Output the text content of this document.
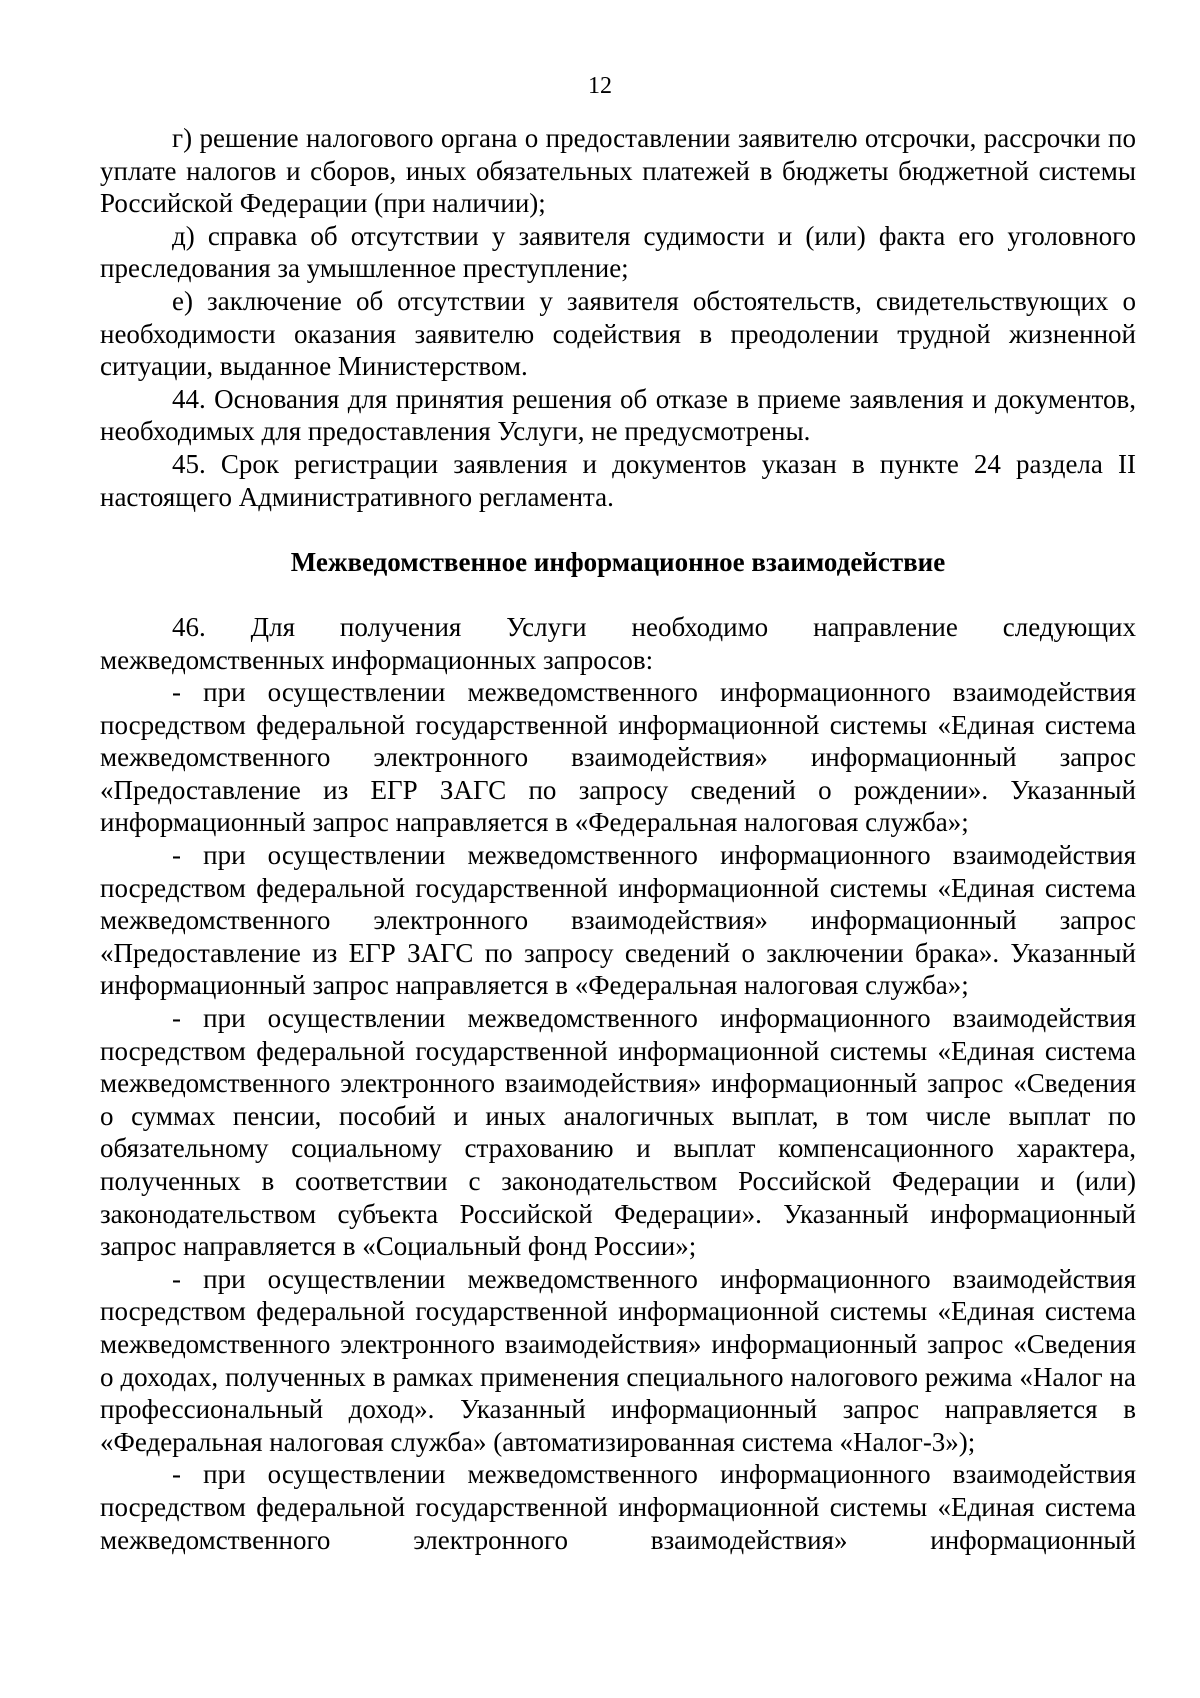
12

г) решение налогового органа о предоставлении заявителю отсрочки, рассрочки по уплате налогов и сборов, иных обязательных платежей в бюджеты бюджетной системы Российской Федерации (при наличии);

д) справка об отсутствии у заявителя судимости и (или) факта его уголовного преследования за умышленное преступление;

е) заключение об отсутствии у заявителя обстоятельств, свидетельствующих о необходимости оказания заявителю содействия в преодолении трудной жизненной ситуации, выданное Министерством.

44. Основания для принятия решения об отказе в приеме заявления и документов, необходимых для предоставления Услуги, не предусмотрены.

45. Срок регистрации заявления и документов указан в пункте 24 раздела II настоящего Административного регламента.

Межведомственное информационное взаимодействие

46. Для получения Услуги необходимо направление следующих межведомственных информационных запросов:

- при осуществлении межведомственного информационного взаимодействия посредством федеральной государственной информационной системы «Единая система межведомственного электронного взаимодействия» информационный запрос «Предоставление из ЕГР ЗАГС по запросу сведений о рождении». Указанный информационный запрос направляется в «Федеральная налоговая служба»;

- при осуществлении межведомственного информационного взаимодействия посредством федеральной государственной информационной системы «Единая система межведомственного электронного взаимодействия» информационный запрос «Предоставление из ЕГР ЗАГС по запросу сведений о заключении брака». Указанный информационный запрос направляется в «Федеральная налоговая служба»;

- при осуществлении межведомственного информационного взаимодействия посредством федеральной государственной информационной системы «Единая система межведомственного электронного взаимодействия» информационный запрос «Сведения о суммах пенсии, пособий и иных аналогичных выплат, в том числе выплат по обязательному социальному страхованию и выплат компенсационного характера, полученных в соответствии с законодательством Российской Федерации и (или) законодательством субъекта Российской Федерации». Указанный информационный запрос направляется в «Социальный фонд России»;

- при осуществлении межведомственного информационного взаимодействия посредством федеральной государственной информационной системы «Единая система межведомственного электронного взаимодействия» информационный запрос «Сведения о доходах, полученных в рамках применения специального налогового режима «Налог на профессиональный доход». Указанный информационный запрос направляется в «Федеральная налоговая служба» (автоматизированная система «Налог-3»);

- при осуществлении межведомственного информационного взаимодействия посредством федеральной государственной информационной системы «Единая система межведомственного электронного взаимодействия» информационный
